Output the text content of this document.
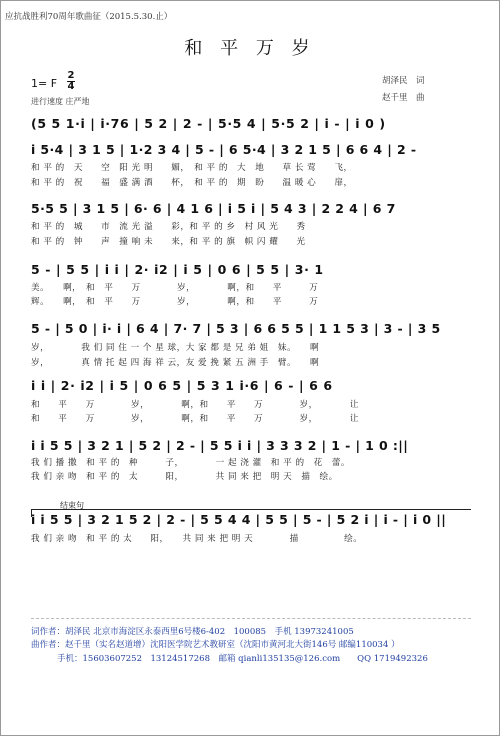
应抗战胜利70周年歌曲征（2015.5.30.止）
和 平 万 岁
1= F
2
4
进行速度 庄严地
胡泽民　词
赵千里　曲
(5 5 1·i | i·76 | 5 2 | 2 - | 5·5 4 | 5·5 2 | i - | i 0 )
i 5·4 | 3 1 5 | 1·2 3 4 | 5 - | 6 5·4 | 3 2 1 5 | 6 6 4 | 2 -
和 平 的　天　　空　阳 光 明　　媚，　和 平 的　大　地　　草 长 莺　　飞，
和 平 的　祝　　福　盛 满 酒　　杯，　和 平 的　期　盼　　温 暖 心　　扉，
5·5 5 | 3 1 5 | 6· 6 | 4 1 6 | i 5 i | 5 4 3 | 2 2 4 | 6 7
和 平 的　城　　市　流 光 溢　　彩，和 平 的 乡　村 风 光　　秀
和 平 的　钟　　声　撞 响 未　　来，和 平 的 旗　帜 闪 耀　　光
5 - | 5 5 | i i | 2· i2 | i 5 | 0 6 | 5 5 | 3· 1
美。　　啊，　和　平　　万　　　　岁，　　　　啊，和　　平　　　万
辉。　　啊，　和　平　　万　　　　岁，　　　　啊，和　　平　　　万
5 - | 5 0 | i· i | 6 4 | 7· 7 | 5 3 | 6 6 5 5 | 1 1 5 3 | 3 - | 3 5
岁，　　　　我 们 同 住 一 个 星 球，大 家 都 是 兄 弟 姐　妹。　　啊
岁，　　　　真 情 托 起 四 海 祥 云，友 爱 挽 紧 五 洲 手　臂。　　啊
i i | 2· i2 | i 5 | 0 6 5 | 5 3 1 i·6 | 6 - | 6 6
和　　平　　万　　　　岁，　　　　啊，和　　平　　万　　　　岁，　　　　让
和　　平　　万　　　　岁，　　　　啊，和　　平　　万　　　　岁，　　　　让
i i 5 5 | 3 2 1 | 5 2 | 2 - | 5 5 i i | 3 3 3 2 | 1 - | 1 0 :||
我 们 播 撒　和 平 的　种　　　子，　　　　一 起 浇 灌　和 平 的　花　蕾。
我 们 亲 吻　和 平 的　太　　　阳，　　　　共 同 来 把　明 天　描　绘。
结束句
i i 5 5 | 3 2 1 5 2 | 2 - | 5 5 4 4 | 5 5 | 5 - | 5 2 i | i - | i 0 ||
我 们 亲 吻　和 平 的 太　　阳，　　共 同 来 把 明 天　　　　描　　　　　绘。
词作者：胡泽民 北京市海淀区永泰西里6号楼6-402　100085　手机 13973241005
曲作者：赵千里（实名赵道增）沈阳医学院艺术教研室（沈阳市黄河北大街146号 邮编110034 ）
手机：15603607252　13124517268　邮箱 qianli135135@126.com　　QQ 1719492326
